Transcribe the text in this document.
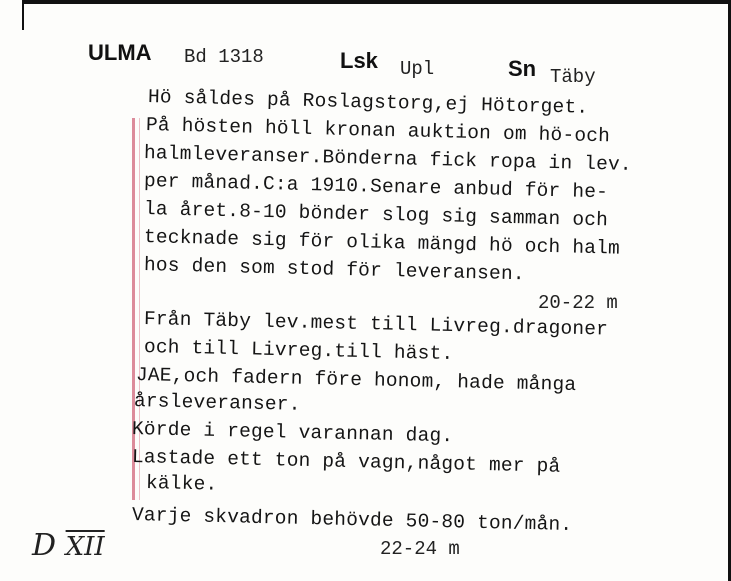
ULMA Bd 1318	Lsk Upl	Sn Täby
Hö såldes på Roslagstorg,ej Hötorget.
På hösten höll kronan auktion om hö-och
halmleveranser.Bönderna fick ropa in lev.
per månad.C:a 1910.Senare anbud för he-
la året.8-10 bönder slog sig samman och
tecknade sig för olika mängd hö och halm
hos den som stod för leveransen.
20-22 m
Från Täby lev.mest till Livreg.dragoner
och till Livreg.till häst.
JAE,och fadern före honom, hade många
årsleveranser.
Körde i regel varannan dag.
Lastade ett ton på vagn,något mer på
kälke.
Varje skvadron behövde 50-80 ton/mån.
22-24 m
D $\overline{XII}$
